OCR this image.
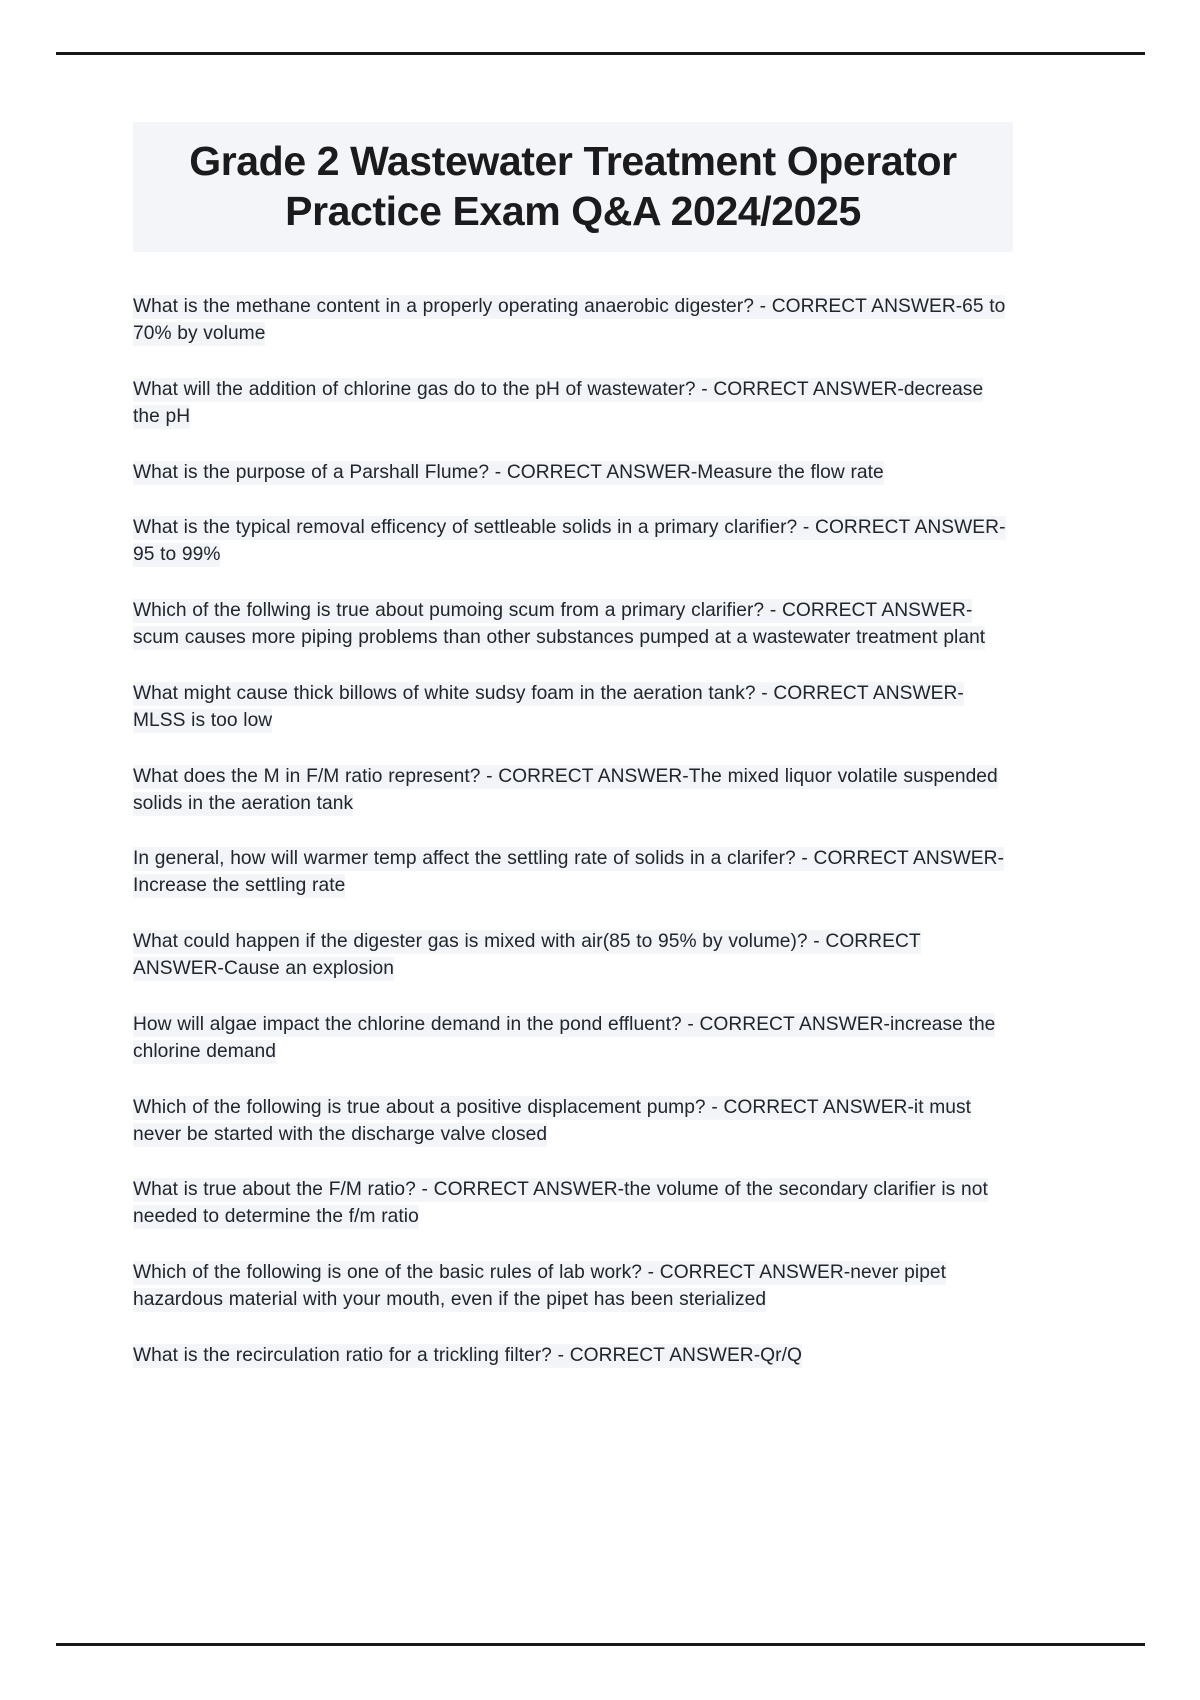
Grade 2 Wastewater Treatment Operator Practice Exam Q&A 2024/2025

What is the methane content in a properly operating anaerobic digester? - CORRECT ANSWER-65 to 70% by volume

What will the addition of chlorine gas do to the pH of wastewater? - CORRECT ANSWER-decrease the pH

What is the purpose of a Parshall Flume? - CORRECT ANSWER-Measure the flow rate

What is the typical removal efficency of settleable solids in a primary clarifier? - CORRECT ANSWER-95 to 99%

Which of the follwing is true about pumoing scum from a primary clarifier? - CORRECT ANSWER-scum causes more piping problems than other substances pumped at a wastewater treatment plant

What might cause thick billows of white sudsy foam in the aeration tank? - CORRECT ANSWER-MLSS is too low

What does the M in F/M ratio represent? - CORRECT ANSWER-The mixed liquor volatile suspended solids in the aeration tank

In general, how will warmer temp affect the settling rate of solids in a clarifer? - CORRECT ANSWER-Increase the settling rate

What could happen if the digester gas is mixed with air(85 to 95% by volume)? - CORRECT ANSWER-Cause an explosion

How will algae impact the chlorine demand in the pond effluent? - CORRECT ANSWER-increase the chlorine demand

Which of the following is true about a positive displacement pump? - CORRECT ANSWER-it must never be started with the discharge valve closed

What is true about the F/M ratio? - CORRECT ANSWER-the volume of the secondary clarifier is not needed to determine the f/m ratio

Which of the following is one of the basic rules of lab work? - CORRECT ANSWER-never pipet hazardous material with your mouth, even if the pipet has been sterialized

What is the recirculation ratio for a trickling filter? - CORRECT ANSWER-Qr/Q
